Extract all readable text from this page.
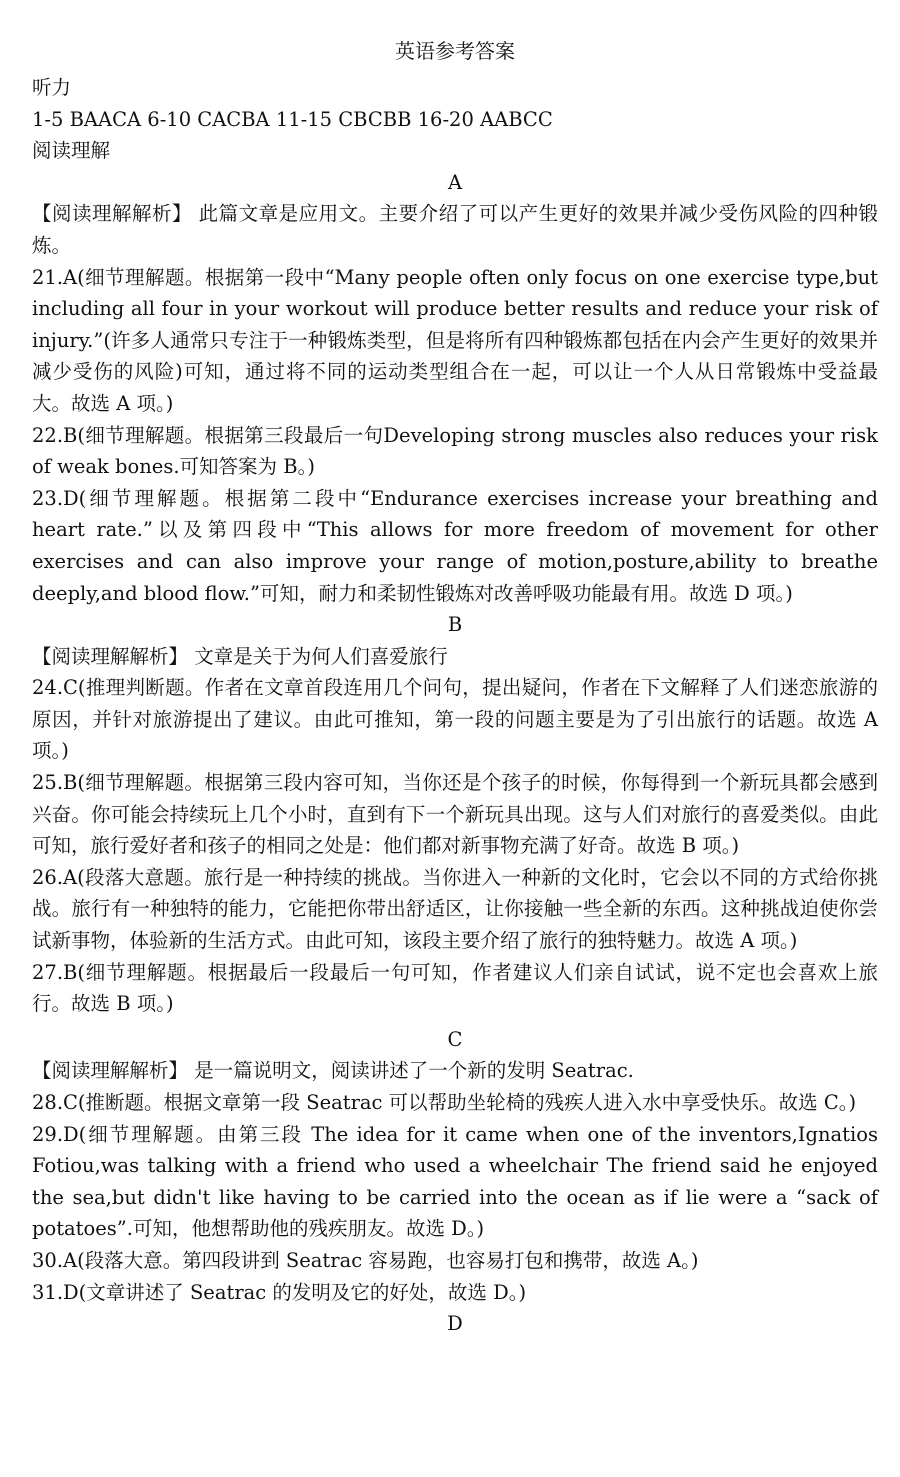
英语参考答案
听力
1-5 BAACA 6-10 CACBA 11-15 CBCBB 16-20 AABCC
阅读理解
A
【阅读理解解析】 此篇文章是应用文。主要介绍了可以产生更好的效果并减少受伤风险的四种锻炼。
21.A(细节理解题。根据第一段中“Many people often only focus on one exercise type,but including all four in your workout will produce better results and reduce your risk of injury.”(许多人通常只专注于一种锻炼类型，但是将所有四种锻炼都包括在内会产生更好的效果并减少受伤的风险)可知，通过将不同的运动类型组合在一起，可以让一个人从日常锻炼中受益最大。故选 A 项。)
22.B(细节理解题。根据第三段最后一句Developing strong muscles also reduces your risk of weak bones.可知答案为 B。)
23.D(细节理解题。根据第二段中“Endurance exercises increase your breathing and heart rate.”以及第四段中“This allows for more freedom of movement for other exercises and can also improve your range of motion,posture,ability to breathe deeply,and blood flow.”可知，耐力和柔韧性锻炼对改善呼吸功能最有用。故选 D 项。)
B
【阅读理解解析】 文章是关于为何人们喜爱旅行
24.C(推理判断题。作者在文章首段连用几个问句，提出疑问，作者在下文解释了人们迷恋旅游的原因，并针对旅游提出了建议。由此可推知，第一段的问题主要是为了引出旅行的话题。故选 A 项。)
25.B(细节理解题。根据第三段内容可知，当你还是个孩子的时候，你每得到一个新玩具都会感到兴奋。你可能会持续玩上几个小时，直到有下一个新玩具出现。这与人们对旅行的喜爱类似。由此可知，旅行爱好者和孩子的相同之处是：他们都对新事物充满了好奇。故选 B 项。)
26.A(段落大意题。旅行是一种持续的挑战。当你进入一种新的文化时，它会以不同的方式给你挑战。旅行有一种独特的能力，它能把你带出舒适区，让你接触一些全新的东西。这种挑战迫使你尝试新事物，体验新的生活方式。由此可知，该段主要介绍了旅行的独特魅力。故选 A 项。)
27.B(细节理解题。根据最后一段最后一句可知，作者建议人们亲自试试，说不定也会喜欢上旅行。故选 B 项。)
C
【阅读理解解析】 是一篇说明文，阅读讲述了一个新的发明 Seatrac.
28.C(推断题。根据文章第一段 Seatrac 可以帮助坐轮椅的残疾人进入水中享受快乐。故选 C。)
29.D(细节理解题。由第三段 The idea for it came when one of the inventors,Ignatios Fotiou,was talking with a friend who used a wheelchair The friend said he enjoyed the sea,but didn't like having to be carried into the ocean as if lie were a “sack of potatoes”.可知，他想帮助他的残疾朋友。故选 D。)
30.A(段落大意。第四段讲到 Seatrac 容易跑，也容易打包和携带，故选 A。)
31.D(文章讲述了 Seatrac 的发明及它的好处，故选 D。)
D
